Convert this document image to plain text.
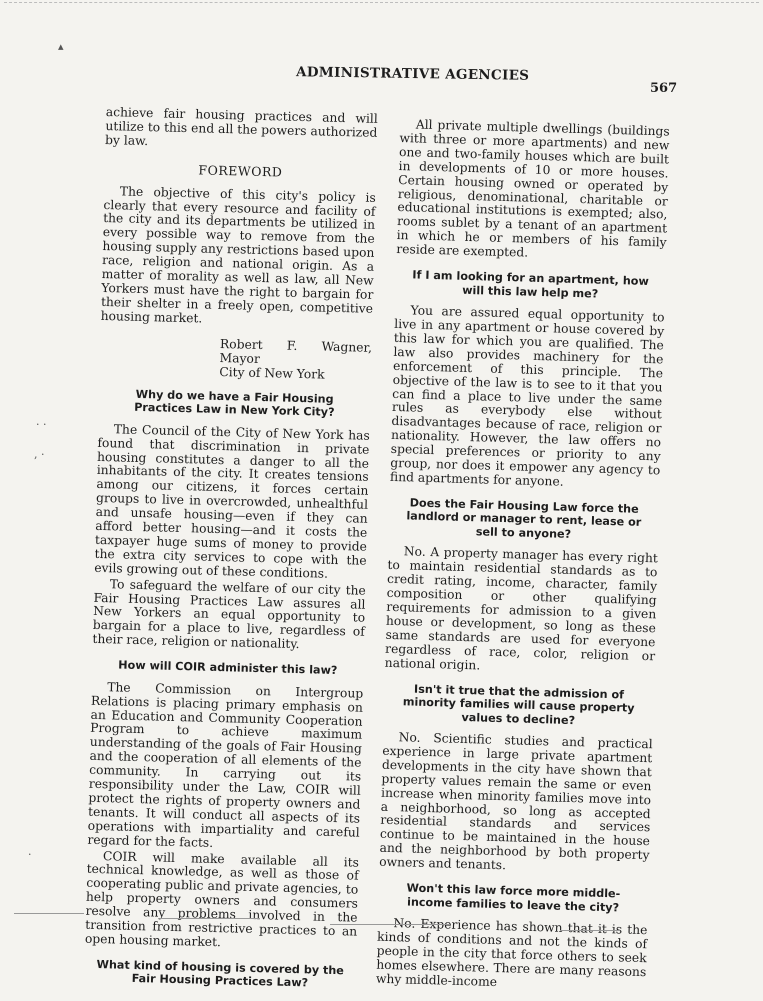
▴
· ·
, ·
·
ADMINISTRATIVE AGENCIES
567

achieve fair housing practices and will utilize to this end all the powers authorized by law.

FOREWORD

The objective of this city's policy is clearly that every resource and facility of the city and its departments be utilized in every possible way to remove from the housing supply any restrictions based upon race, religion and national origin. As a matter of morality as well as law, all New Yorkers must have the right to bargain for their shelter in a freely open, competitive housing market.

Robert F. Wagner, Mayor
City of New York
Why do we have a Fair Housing Practices Law in New York City?

The Council of the City of New York has found that discrimination in private housing constitutes a danger to all the inhabitants of the city. It creates tensions among our citizens, it forces certain groups to live in overcrowded, unhealthful and unsafe housing—even if they can afford better housing—and it costs the taxpayer huge sums of money to provide the extra city services to cope with the evils growing out of these conditions.

To safeguard the welfare of our city the Fair Housing Practices Law assures all New Yorkers an equal opportunity to bargain for a place to live, regardless of their race, religion or nationality.

How will COIR administer this law?

The Commission on Intergroup Relations is placing primary emphasis on an Education and Community Cooperation Program to achieve maximum understanding of the goals of Fair Housing and the cooperation of all elements of the community. In carrying out its responsibility under the Law, COIR will protect the rights of property owners and tenants. It will conduct all aspects of its operations with impartiality and careful regard for the facts.

COIR will make available all its technical knowledge, as well as those of cooperating public and private agencies, to help property owners and consumers resolve any problems involved in the transition from restrictive practices to an open housing market.

What kind of housing is covered by the Fair Housing Practices Law?

All private multiple dwellings (buildings with three or more apartments) and new one and two-family houses which are built in developments of 10 or more houses. Certain housing owned or operated by religious, denominational, charitable or educational institutions is exempted; also, rooms sublet by a tenant of an apartment in which he or members of his family reside are exempted.

If I am looking for an apartment, how will this law help me?

You are assured equal opportunity to live in any apartment or house covered by this law for which you are qualified. The law also provides machinery for the enforcement of this principle. The objective of the law is to see to it that you can find a place to live under the same rules as everybody else without disadvantages because of race, religion or nationality. However, the law offers no special preferences or priority to any group, nor does it empower any agency to find apartments for anyone.

Does the Fair Housing Law force the landlord or manager to rent, lease or sell to anyone?

No. A property manager has every right to maintain residential standards as to credit rating, income, character, family composition or other qualifying requirements for admission to a given house or development, so long as these same standards are used for everyone regardless of race, color, religion or national origin.

Isn't it true that the admission of minority families will cause property values to decline?

No. Scientific studies and practical experience in large private apartment developments in the city have shown that property values remain the same or even increase when minority families move into a neighborhood, so long as accepted residential standards and services continue to be maintained in the house and the neighborhood by both property owners and tenants.

Won't this law force more middle-income families to leave the city?

No. Experience has shown that it is the kinds of conditions and not the kinds of people in the city that force others to seek homes elsewhere. There are many reasons why middle-income
